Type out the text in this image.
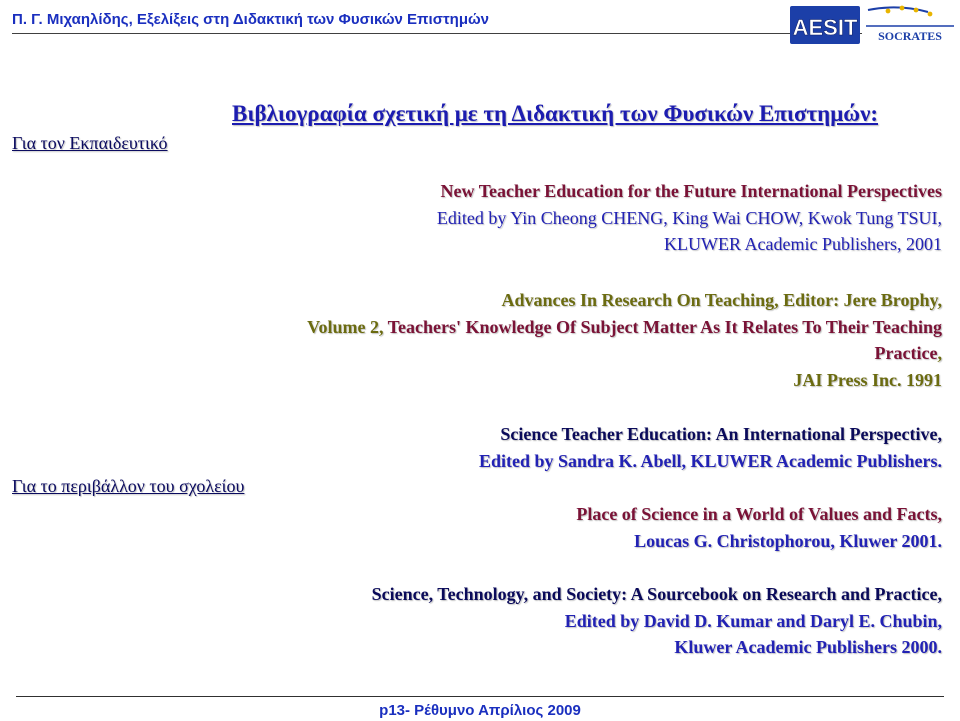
Π. Γ. Μιχαηλίδης, Εξελίξεις στη Διδακτική των Φυσικών Επιστημών	AESIT SOCRATES
Βιβλιογραφία σχετική με τη Διδακτική των Φυσικών Επιστημών:
Για τον Εκπαιδευτικό
Για το περιβάλλον του σχολείου
New Teacher Education for the Future International Perspectives
Edited by Yin Cheong CHENG, King Wai CHOW, Kwok Tung TSUI,
KLUWER Academic Publishers, 2001
Advances In Research On Teaching, Editor: Jere Brophy,
Volume 2, Teachers' Knowledge Of Subject Matter As It Relates To Their Teaching
Practice,
JAI Press Inc. 1991
Science Teacher Education: An International Perspective,
Edited by Sandra K. Abell, KLUWER Academic Publishers.
Place of Science in a World of Values and Facts,
Loucas G. Christophorou, Kluwer 2001.
Science, Technology, and Society: A Sourcebook on Research and Practice,
Edited by David D. Kumar and Daryl E. Chubin,
Kluwer Academic Publishers 2000.
p13- Ρέθυμνο Απρίλιος 2009
